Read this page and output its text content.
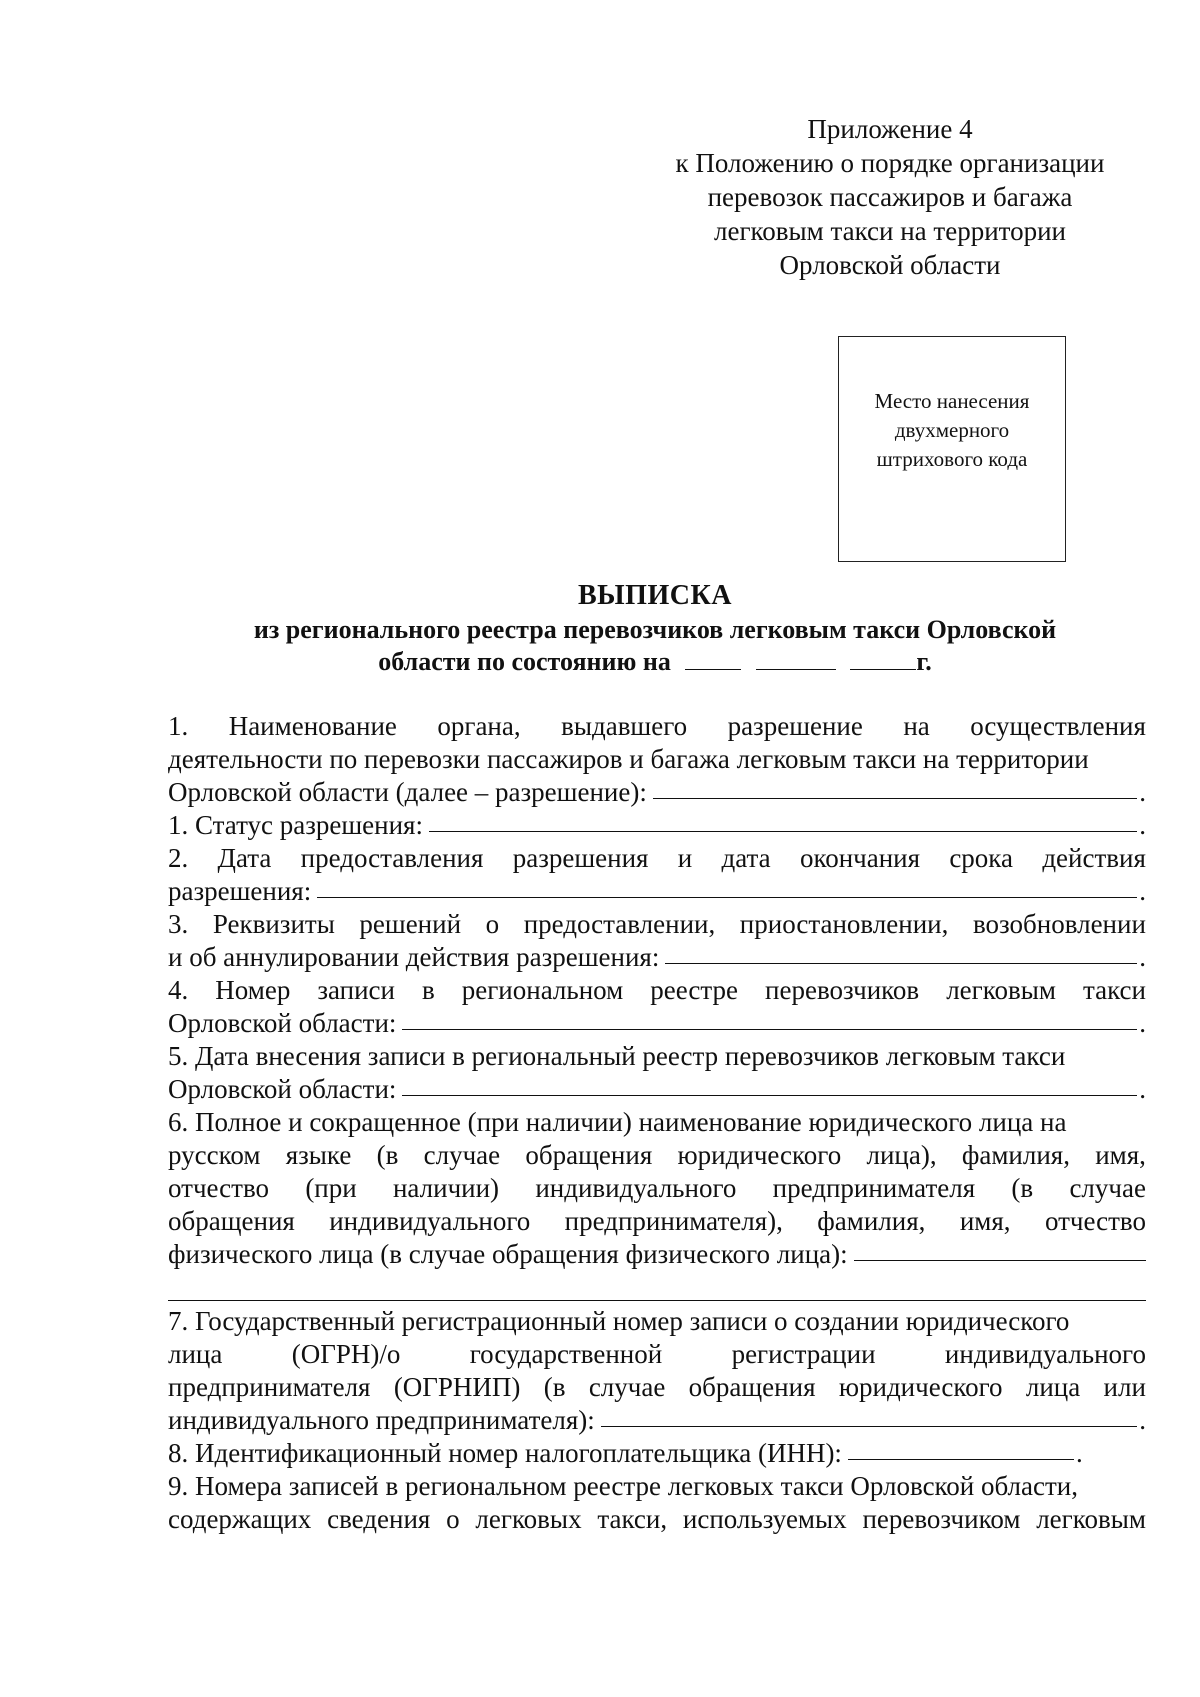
Приложение 4
к Положению о порядке организации
перевозок пассажиров и багажа
легковым такси на территории
Орловской области
Место нанесения
двухмерного
штрихового кода
ВЫПИСКА
из регионального реестра перевозчиков легковым такси Орловской
области по состоянию на	г.
1. Наименование органа, выдавшего разрешение на осуществления
деятельности по перевозки пассажиров и багажа легковым такси на территории
Орловской области (далее – разрешение):	.
1. Статус разрешения:	.
2. Дата предоставления разрешения и дата окончания срока действия
разрешения:	.
3. Реквизиты решений о предоставлении, приостановлении, возобновлении
и об аннулировании действия разрешения:	.
4. Номер записи в региональном реестре перевозчиков легковым такси
Орловской области:	.
5. Дата внесения записи в региональный реестр перевозчиков легковым такси
Орловской области:	.
6. Полное и сокращенное (при наличии) наименование юридического лица на
русском языке (в случае обращения юридического лица), фамилия, имя,
отчество (при наличии) индивидуального предпринимателя (в случае
обращения индивидуального предпринимателя), фамилия, имя, отчество
физического лица (в случае обращения физического лица):
7. Государственный регистрационный номер записи о создании юридического
лица	(ОГРН)/о	государственной	регистрации	индивидуального
предпринимателя (ОГРНИП) (в случае обращения юридического лица или
индивидуального предпринимателя):	.
8. Идентификационный номер налогоплательщика (ИНН):	.
9. Номера записей в региональном реестре легковых такси Орловской области,
содержащих сведения о легковых такси, используемых перевозчиком легковым
